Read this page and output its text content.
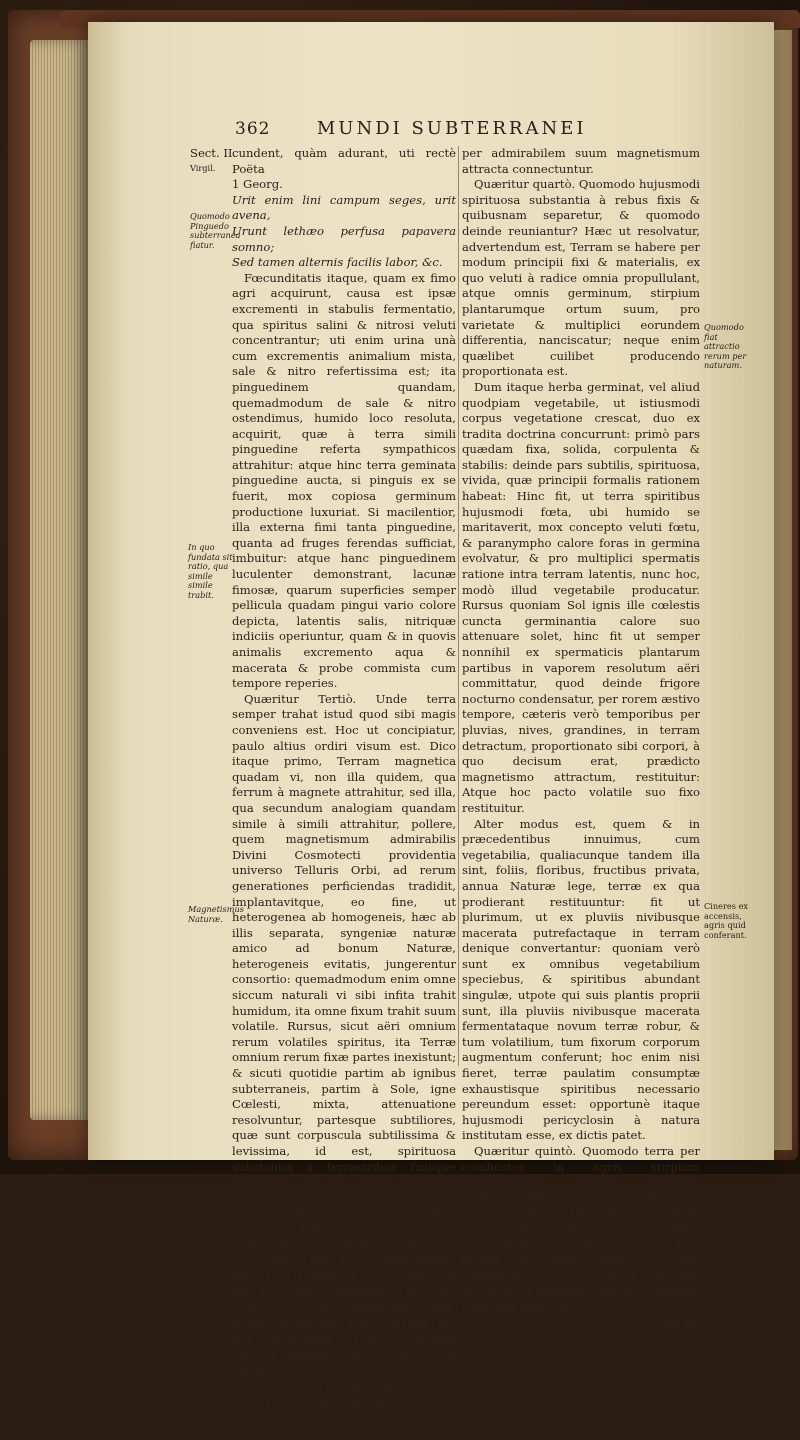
362	MUNDI SUBTERRANEI
Sect. II.
Virgil.
Quomodo Pinguedo subterranea fiatur.
In quo fundata sit ratio, qua simile simile trabit.
Magnetismus Naturæ.
Quomodo fiat attractio rerum per naturam.
Cineres ex accensis, agris quid conferant.

cundent, quàm adurant, uti rectè Poëta

1 Georg.

Urit enim lini campum seges, urit avena,

Urunt lethæo perfusa papavera somno;

Sed tamen alternis facilis labor, &c.

Fœcunditatis itaque, quam ex fimo agri acquirunt, causa est ipsæ excrementi in stabulis fermentatio, qua spiritus salini & nitrosi veluti concentrantur; uti enim urina unà cum excrementis animalium mista, sale & nitro refertissima est; ita pinguedinem quandam, quemadmodum de sale & nitro ostendimus, humido loco resoluta, acquirit, quæ à terra simili pinguedine referta sympathicos attrahitur: atque hinc terra geminata pinguedine aucta, si pinguis ex se fuerit, mox copiosa germinum productione luxuriat. Si macilentior, illa externa fimi tanta pinguedine, quanta ad fruges ferendas sufficiat, imbuitur: atque hanc pinguedinem luculenter demonstrant, lacunæ fimosæ, quarum superficies semper pellicula quadam pingui vario colore depicta, latentis salis, nitriquæ indiciis operiuntur, quam & in quovis animalis excremento aqua & macerata & probe commista cum tempore reperies.

Quæritur Tertiò. Unde terra semper trahat istud quod sibi magis conveniens est. Hoc ut concipiatur, paulo altius ordiri visum est. Dico itaque primo, Terram magnetica quadam vi, non illa quidem, qua ferrum à magnete attrahitur, sed illa, qua secundum analogiam quandam simile à simili attrahitur, pollere, quem magnetismum admirabilis Divini Cosmotecti providentia universo Telluris Orbi, ad rerum generationes perficiendas tradidit, implantavitque, eo fine, ut heterogenea ab homogeneis, hæc ab illis separata, syngeniæ naturæ amico ad bonum Naturæ, heterogeneis evitatis, jungerentur consortio: quemadmodum enim omne siccum naturali vi sibi infita trahit humidum, ita omne fixum trahit suum volatile. Rursus, sicut aëri omnium rerum volatiles spiritus, ita Terræ omnium rerum fixæ partes inexistunt; & sicuti quotidie partim ab ignibus subterraneis, partim à Sole, igne Cœlesti, mixta, attenuatione resolvuntur, partesque subtiliores, quæ sunt corpuscula subtilissima & levissima, id est, spirituosa substantia à terrestribus fixisque separatur; ita ne terra tantorum emissione spirituum, cum tempore consumeretur, ei vis quædam necessaria fuit, qua separati spiritus hujusmodi suis à quibus evolaverant corporibus iterum conjungerentur. Illa vis nihil aliud est, quàm appetitus rerum, quo unumquodque suo corpori, à quo separatum erat, reuniri desiderat. Hinc spiritus illi, seu subtilissima corpuscula, quibus aër ex omnium rerum substantiis separatis refertus est, sive ventorum flatu, sive pluviis, nive, grandinibus in terram feruntur, perinde est, mox singula singulis sibi similibus proportionatisque

per admirabilem suum magnetismum attracta connectuntur.

Quæritur quartò. Quomodo hujusmodi spirituosa substantia à rebus fixis & quibusnam separetur, & quomodo deinde reuniantur? Hæc ut resolvatur, advertendum est, Terram se habere per modum principii fixi & materialis, ex quo veluti à radice omnia propullulant, atque omnis germinum, stirpium plantarumque ortum suum, pro varietate & multiplici eorundem differentia, nanciscatur; neque enim quælibet cuilibet producendo proportionata est.

Dum itaque herba germinat, vel aliud quodpiam vegetabile, ut istiusmodi corpus vegetatione crescat, duo ex tradita doctrina concurrunt: primò pars quædam fixa, solida, corpulenta & stabilis: deinde pars subtilis, spirituosa, vivida, quæ principii formalis rationem habeat: Hinc fit, ut terra spiritibus hujusmodi fœta, ubi humido se maritaverit, mox concepto veluti fœtu, & paranympho calore foras in germina evolvatur, & pro multiplici spermatis ratione intra terram latentis, nunc hoc, modò illud vegetabile producatur. Rursus quoniam Sol ignis ille cœlestis cuncta germinantia calore suo attenuare solet, hinc fit ut semper nonnihil ex spermaticis plantarum partibus in vaporem resolutum aëri committatur, quod deinde frigore nocturno condensatur, per rorem æstivo tempore, cæteris verò temporibus per pluvias, nives, grandines, in terram detractum, proportionato sibi corpori, à quo decisum erat, prædicto magnetismo attractum, restituitur: Atque hoc pacto volatile suo fixo restituitur.

Alter modus est, quem & in præcedentibus innuimus, cum vegetabilia, qualiacunque tandem illa sint, foliis, floribus, fructibus privata, annua Naturæ lege, terræ ex qua prodierant restituuntur: fit ut plurimum, ut ex pluviis nivibusque macerata putrefactaque in terram denique convertantur: quoniam verò sunt ex omnibus vegetabilium speciebus, & spiritibus abundant singulæ, utpote qui suis plantis proprii sunt, illa pluviis nivibusque macerata fermentataque novum terræ robur, & tum volatilium, tum fixorum corporum augmentum conferunt; hoc enim nisi fieret, terræ paulatim consumptæ exhaustisque spiritibus necessario pereundum esset: opportunè itaque hujusmodi pericyclosin à natura institutam esse, ex dictis patet.

Quæritur quintò. Quomodo terra per combustos in agris stirpium graminumque cineres fœcunda reddatur? Mirum fanè nonnulli videri posset, ex destructivis rebus, cujusmodi sal & cinis sunt, agros nonnullam fœcunditatem concipere posse: fieri tamen id annua ubique locorum experientia docet. Quod Naturæ arcanum ut pandatur, ita ratiocinamur: Cum tam terrestria

qu àm
